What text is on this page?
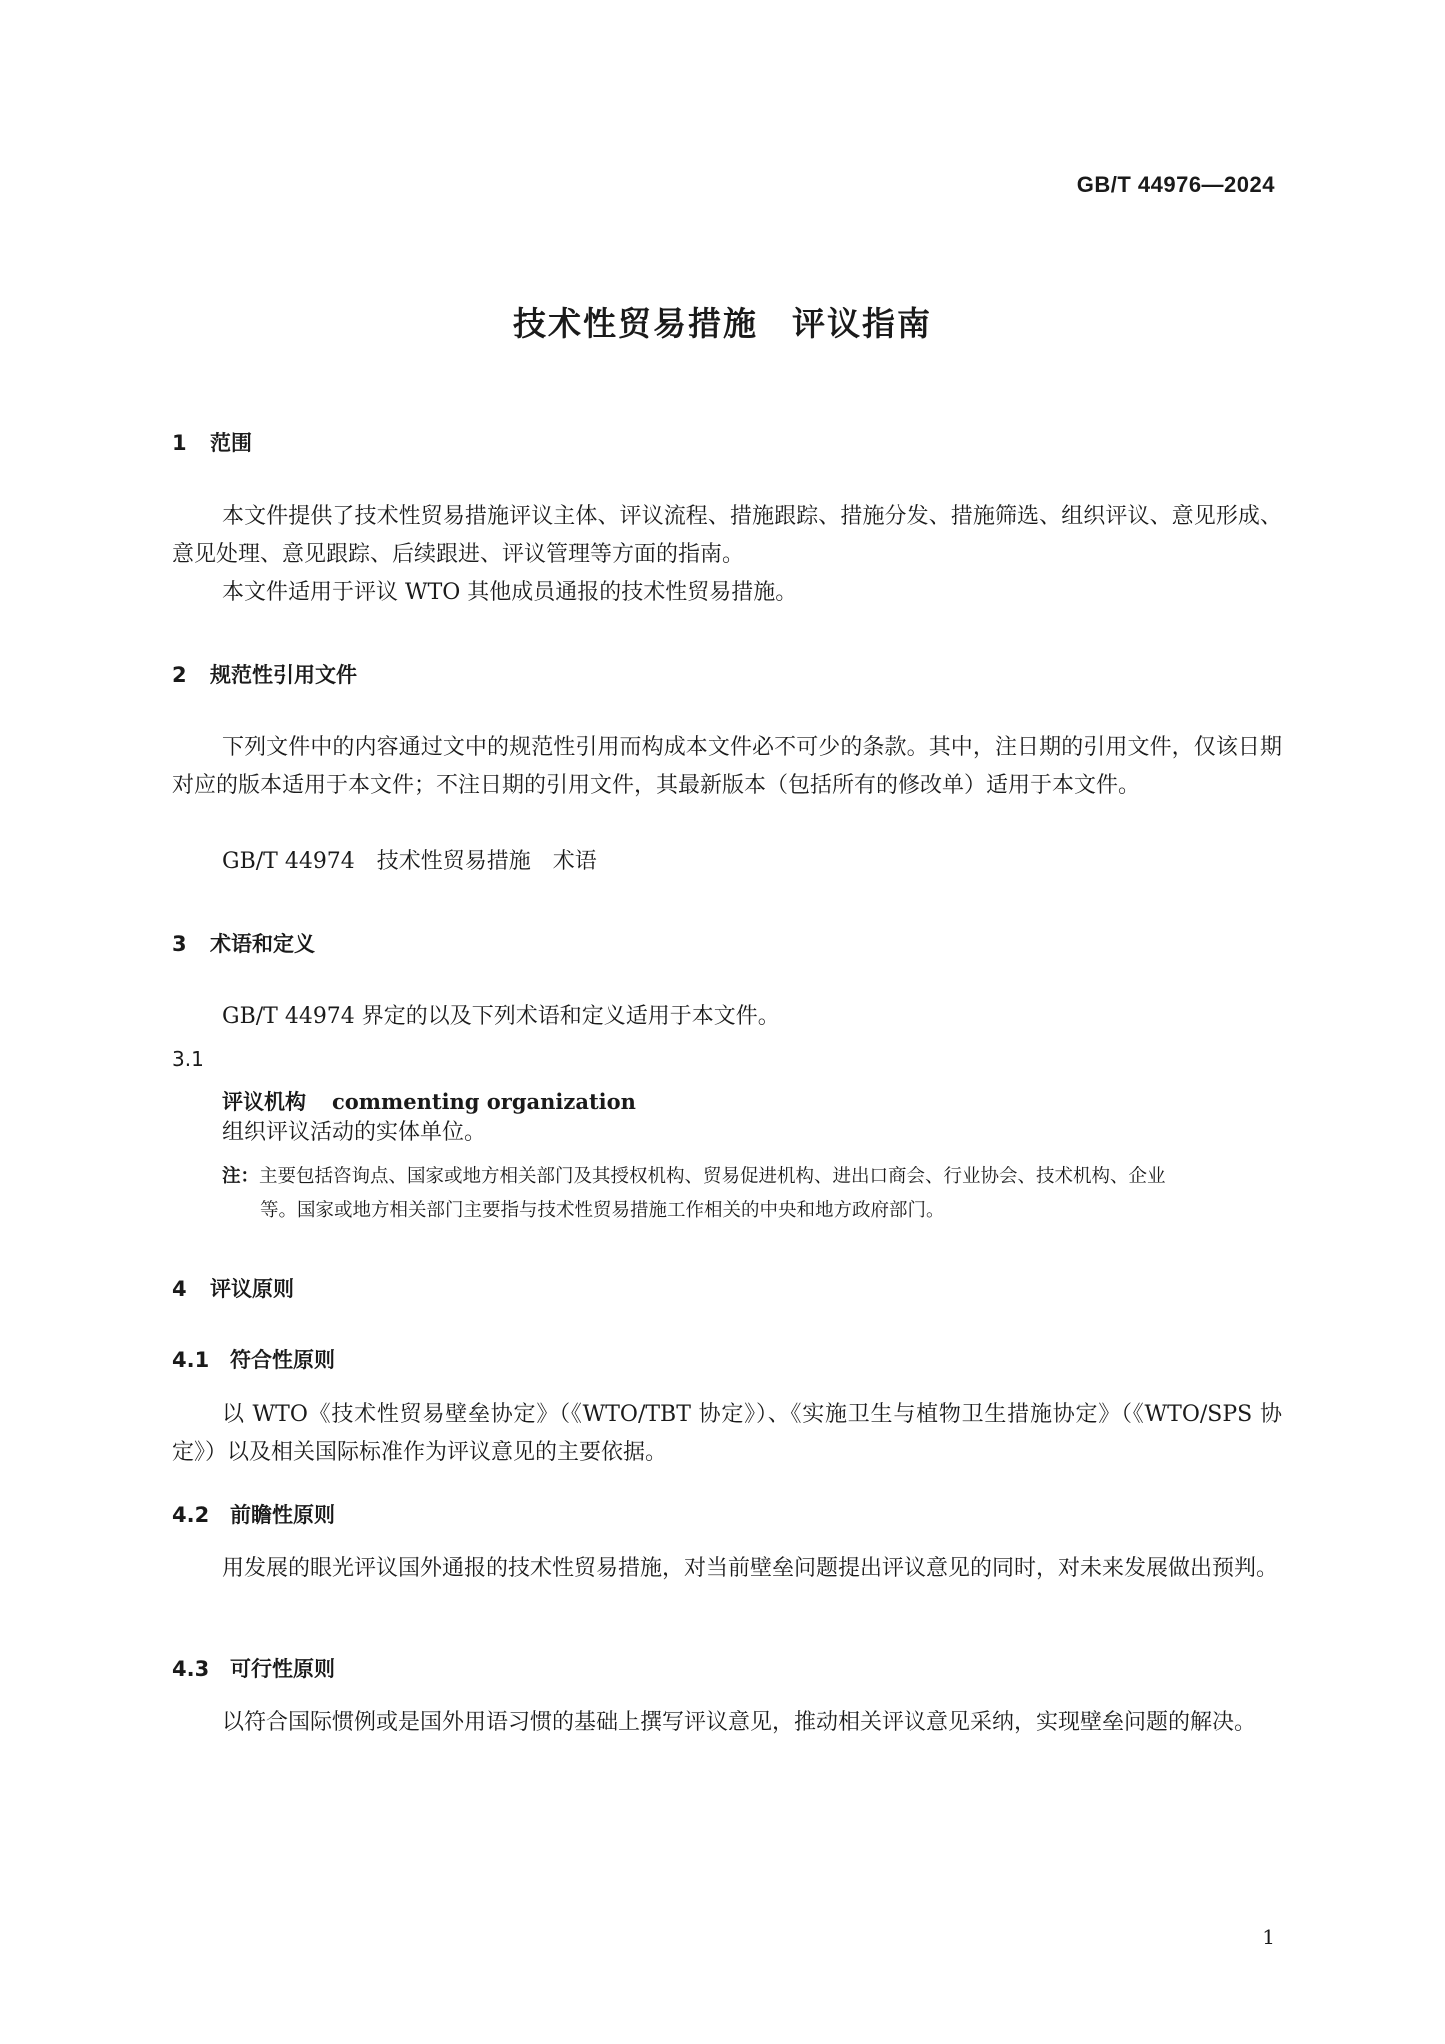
GB/T 44976—2024
技术性贸易措施 评议指南
1 范围

本文件提供了技术性贸易措施评议主体、评议流程、措施跟踪、措施分发、措施筛选、组织评议、意见形成、意见处理、意见跟踪、后续跟进、评议管理等方面的指南。

本文件适用于评议 WTO 其他成员通报的技术性贸易措施。

2 规范性引用文件

下列文件中的内容通过文中的规范性引用而构成本文件必不可少的条款。其中，注日期的引用文件，仅该日期对应的版本适用于本文件；不注日期的引用文件，其最新版本（包括所有的修改单）适用于本文件。

GB/T 44974　技术性贸易措施　术语

3 术语和定义

GB/T 44974 界定的以及下列术语和定义适用于本文件。

3.1

评议机构 commenting organization

组织评议活动的实体单位。

注：主要包括咨询点、国家或地方相关部门及其授权机构、贸易促进机构、进出口商会、行业协会、技术机构、企业
等。国家或地方相关部门主要指与技术性贸易措施工作相关的中央和地方政府部门。

4 评议原则
4.1 符合性原则

以 WTO《技术性贸易壁垒协定》（《WTO/TBT 协定》）、《实施卫生与植物卫生措施协定》（《WTO/SPS 协定》）以及相关国际标准作为评议意见的主要依据。

4.2 前瞻性原则

用发展的眼光评议国外通报的技术性贸易措施，对当前壁垒问题提出评议意见的同时，对未来发展做出预判。

4.3 可行性原则

以符合国际惯例或是国外用语习惯的基础上撰写评议意见，推动相关评议意见采纳，实现壁垒问题的解决。

1
